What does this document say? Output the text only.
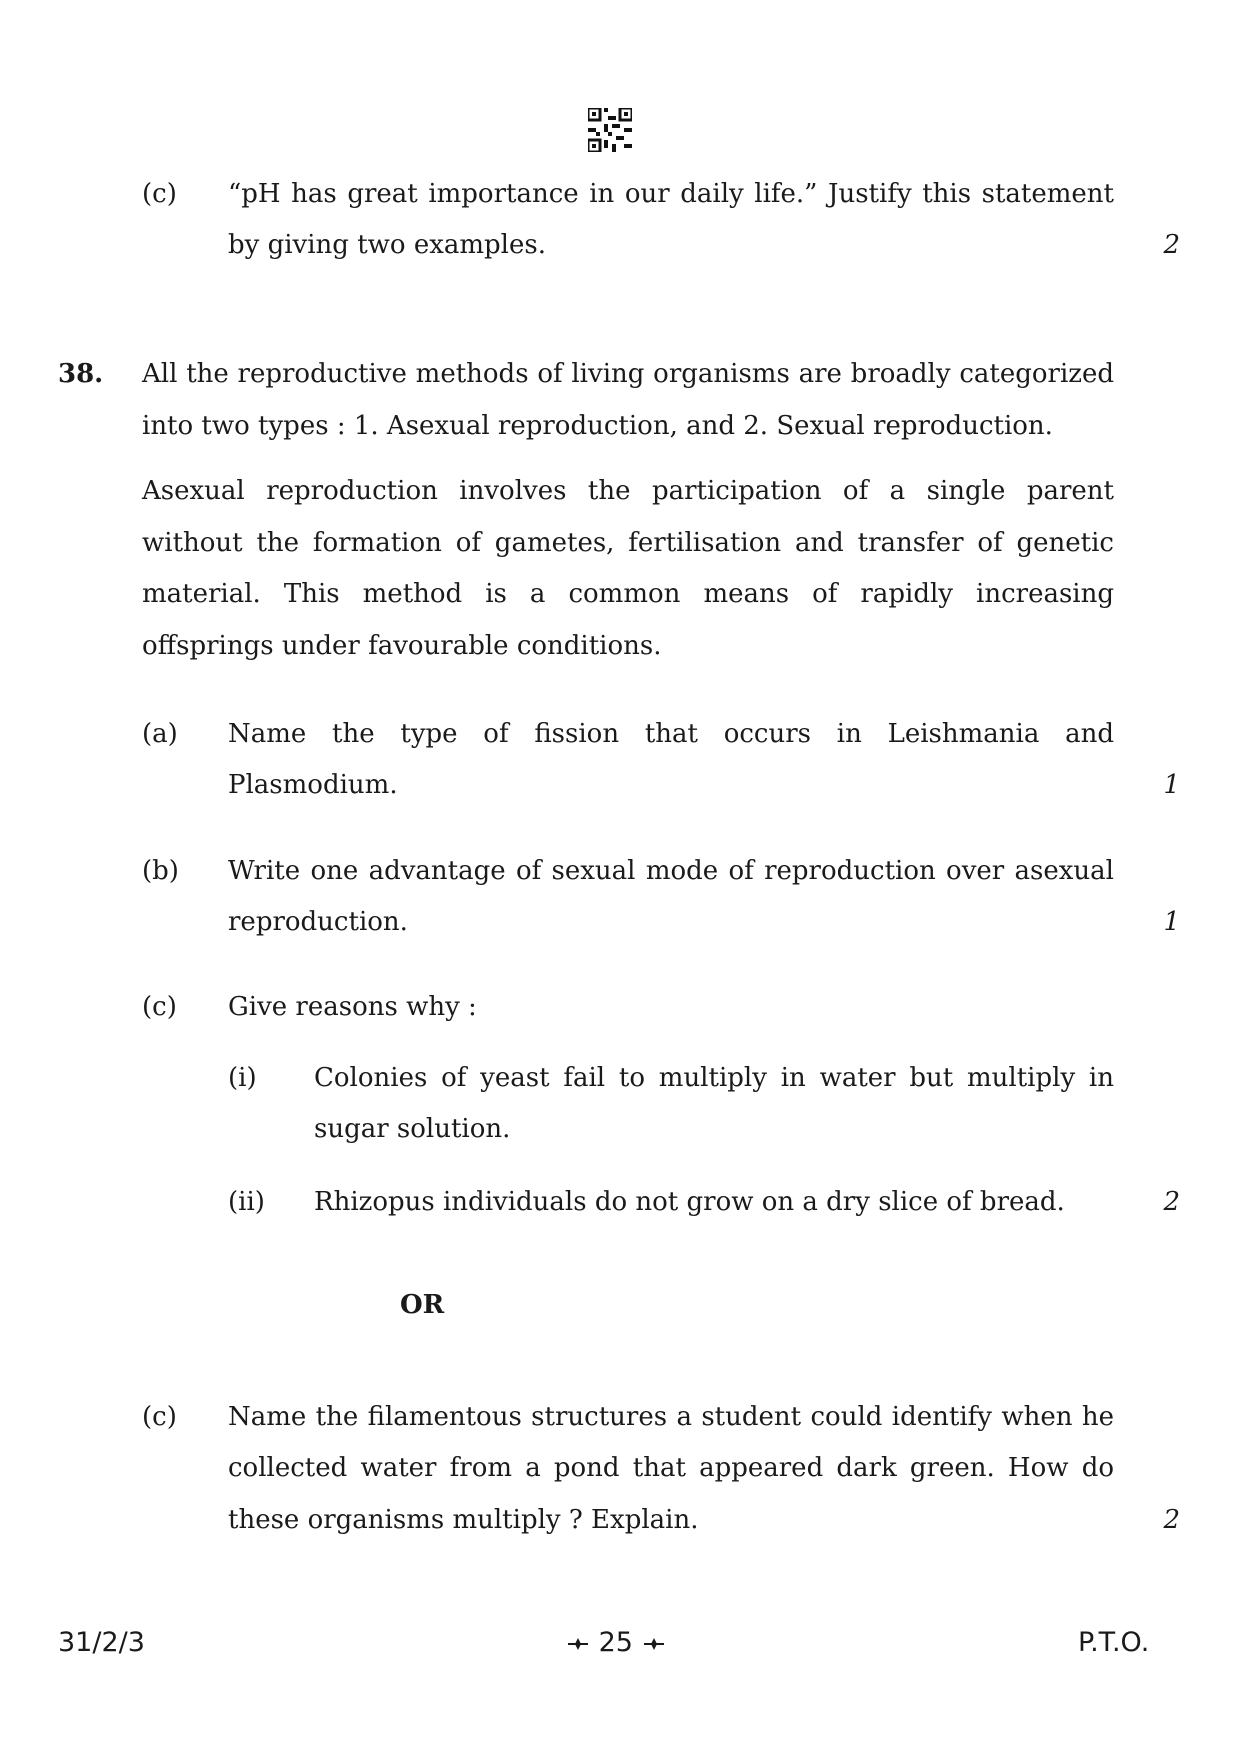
(c) “pH has great importance in our daily life.” Justify this statement
by giving two examples.	2
38. All the reproductive methods of living organisms are broadly categorized
into two types : 1. Asexual reproduction, and 2. Sexual reproduction.
Asexual reproduction involves the participation of a single parent
without the formation of gametes, fertilisation and transfer of genetic
material. This method is a common means of rapidly increasing
offsprings under favourable conditions.
(a) Name the type of fission that occurs in Leishmania and
Plasmodium.	1
(b) Write one advantage of sexual mode of reproduction over asexual
reproduction.	1
(c) Give reasons why :
(i) Colonies of yeast fail to multiply in water but multiply in
sugar solution.
(ii) Rhizopus individuals do not grow on a dry slice of bread.	2
OR
(c) Name the filamentous structures a student could identify when he
collected water from a pond that appeared dark green. How do
these organisms multiply ? Explain.	2
31/2/3	25	P.T.O.
